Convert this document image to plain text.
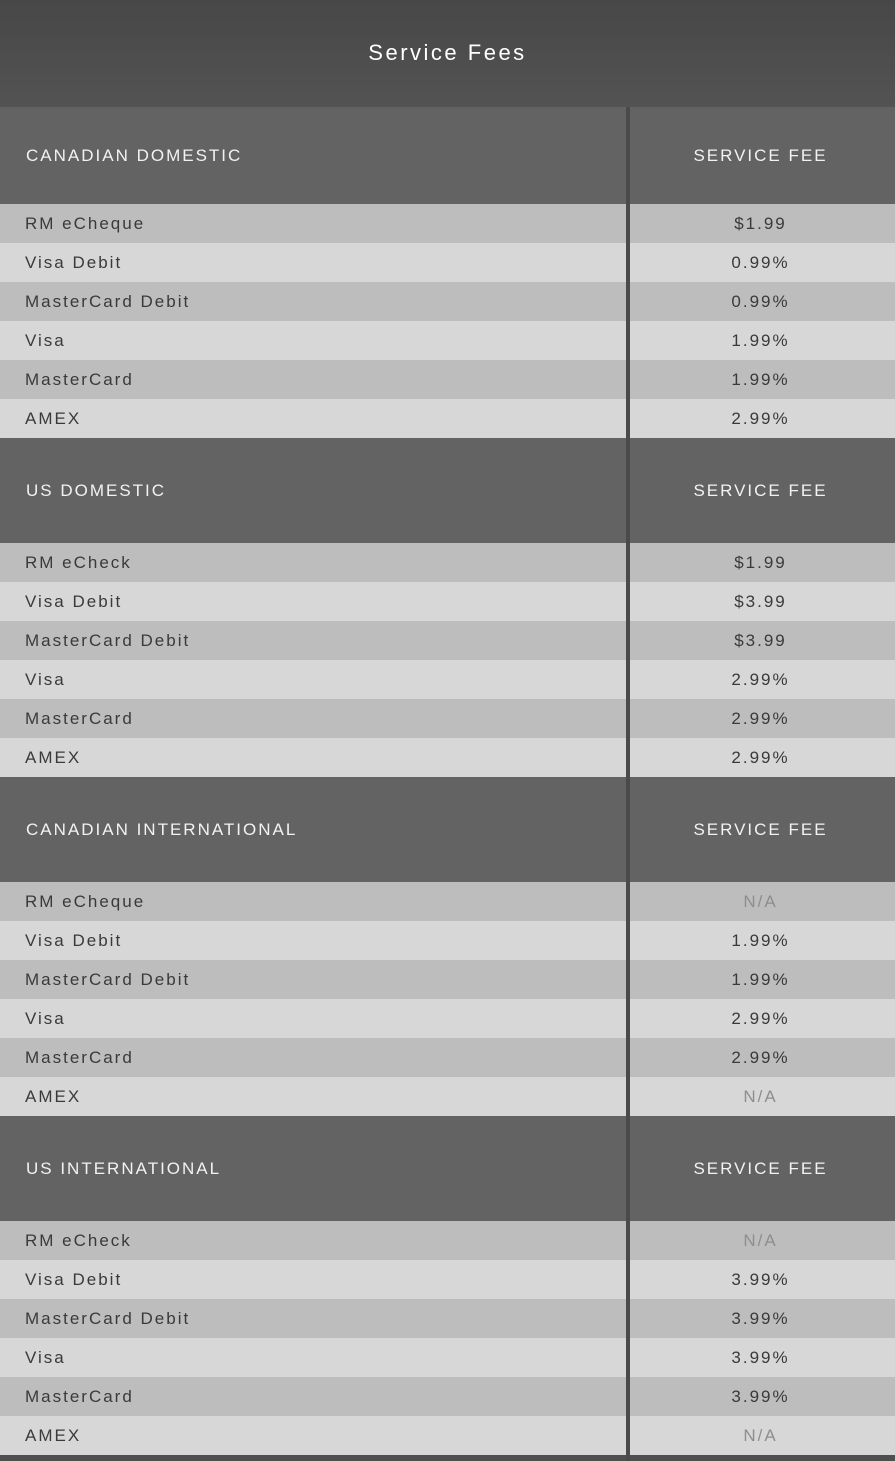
Service Fees
CANADIAN DOMESTIC	SERVICE FEE
RM eCheque	$1.99
Visa Debit	0.99%
MasterCard Debit	0.99%
Visa	1.99%
MasterCard	1.99%
AMEX	2.99%
US DOMESTIC	SERVICE FEE
RM eCheck	$1.99
Visa Debit	$3.99
MasterCard Debit	$3.99
Visa	2.99%
MasterCard	2.99%
AMEX	2.99%
CANADIAN INTERNATIONAL	SERVICE FEE
RM eCheque	N/A
Visa Debit	1.99%
MasterCard Debit	1.99%
Visa	2.99%
MasterCard	2.99%
AMEX	N/A
US INTERNATIONAL	SERVICE FEE
RM eCheck	N/A
Visa Debit	3.99%
MasterCard Debit	3.99%
Visa	3.99%
MasterCard	3.99%
AMEX	N/A
